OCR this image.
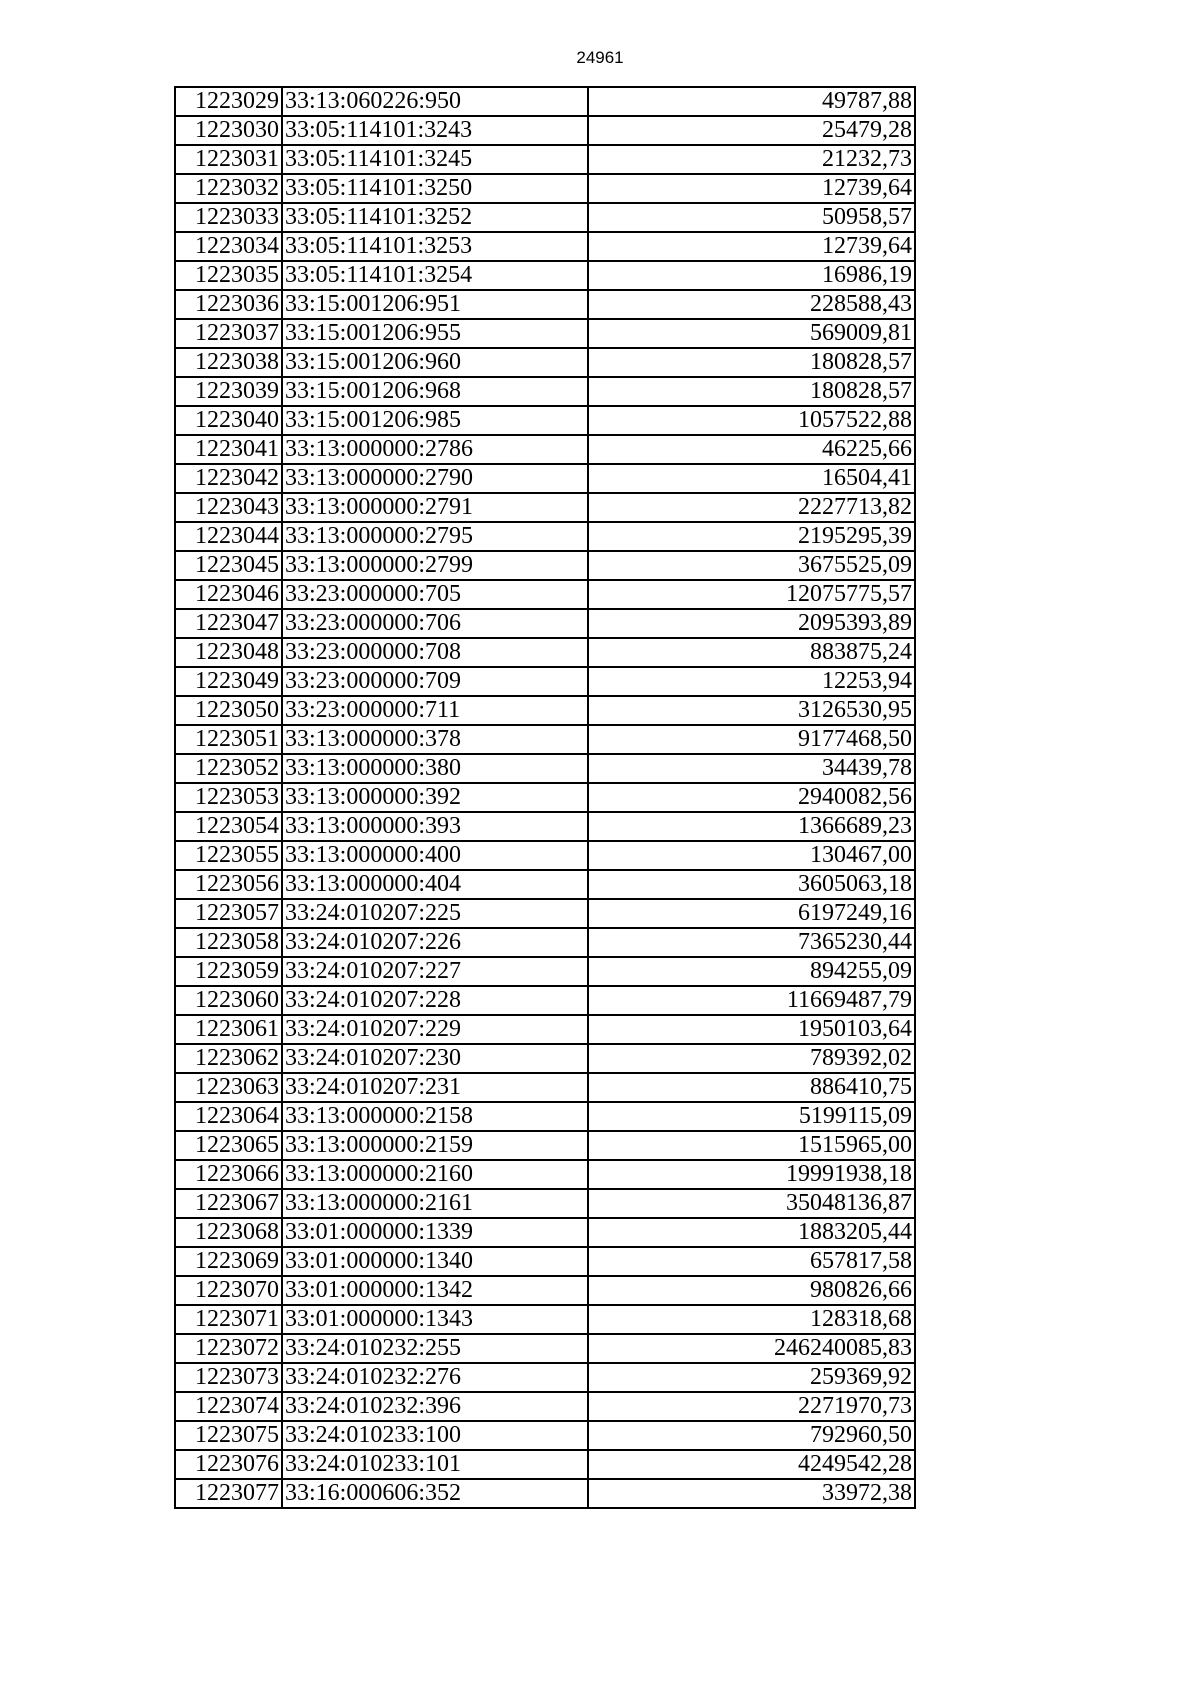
24961
1223029	33:13:060226:950	49787,88
1223030	33:05:114101:3243	25479,28
1223031	33:05:114101:3245	21232,73
1223032	33:05:114101:3250	12739,64
1223033	33:05:114101:3252	50958,57
1223034	33:05:114101:3253	12739,64
1223035	33:05:114101:3254	16986,19
1223036	33:15:001206:951	228588,43
1223037	33:15:001206:955	569009,81
1223038	33:15:001206:960	180828,57
1223039	33:15:001206:968	180828,57
1223040	33:15:001206:985	1057522,88
1223041	33:13:000000:2786	46225,66
1223042	33:13:000000:2790	16504,41
1223043	33:13:000000:2791	2227713,82
1223044	33:13:000000:2795	2195295,39
1223045	33:13:000000:2799	3675525,09
1223046	33:23:000000:705	12075775,57
1223047	33:23:000000:706	2095393,89
1223048	33:23:000000:708	883875,24
1223049	33:23:000000:709	12253,94
1223050	33:23:000000:711	3126530,95
1223051	33:13:000000:378	9177468,50
1223052	33:13:000000:380	34439,78
1223053	33:13:000000:392	2940082,56
1223054	33:13:000000:393	1366689,23
1223055	33:13:000000:400	130467,00
1223056	33:13:000000:404	3605063,18
1223057	33:24:010207:225	6197249,16
1223058	33:24:010207:226	7365230,44
1223059	33:24:010207:227	894255,09
1223060	33:24:010207:228	11669487,79
1223061	33:24:010207:229	1950103,64
1223062	33:24:010207:230	789392,02
1223063	33:24:010207:231	886410,75
1223064	33:13:000000:2158	5199115,09
1223065	33:13:000000:2159	1515965,00
1223066	33:13:000000:2160	19991938,18
1223067	33:13:000000:2161	35048136,87
1223068	33:01:000000:1339	1883205,44
1223069	33:01:000000:1340	657817,58
1223070	33:01:000000:1342	980826,66
1223071	33:01:000000:1343	128318,68
1223072	33:24:010232:255	246240085,83
1223073	33:24:010232:276	259369,92
1223074	33:24:010232:396	2271970,73
1223075	33:24:010233:100	792960,50
1223076	33:24:010233:101	4249542,28
1223077	33:16:000606:352	33972,38
